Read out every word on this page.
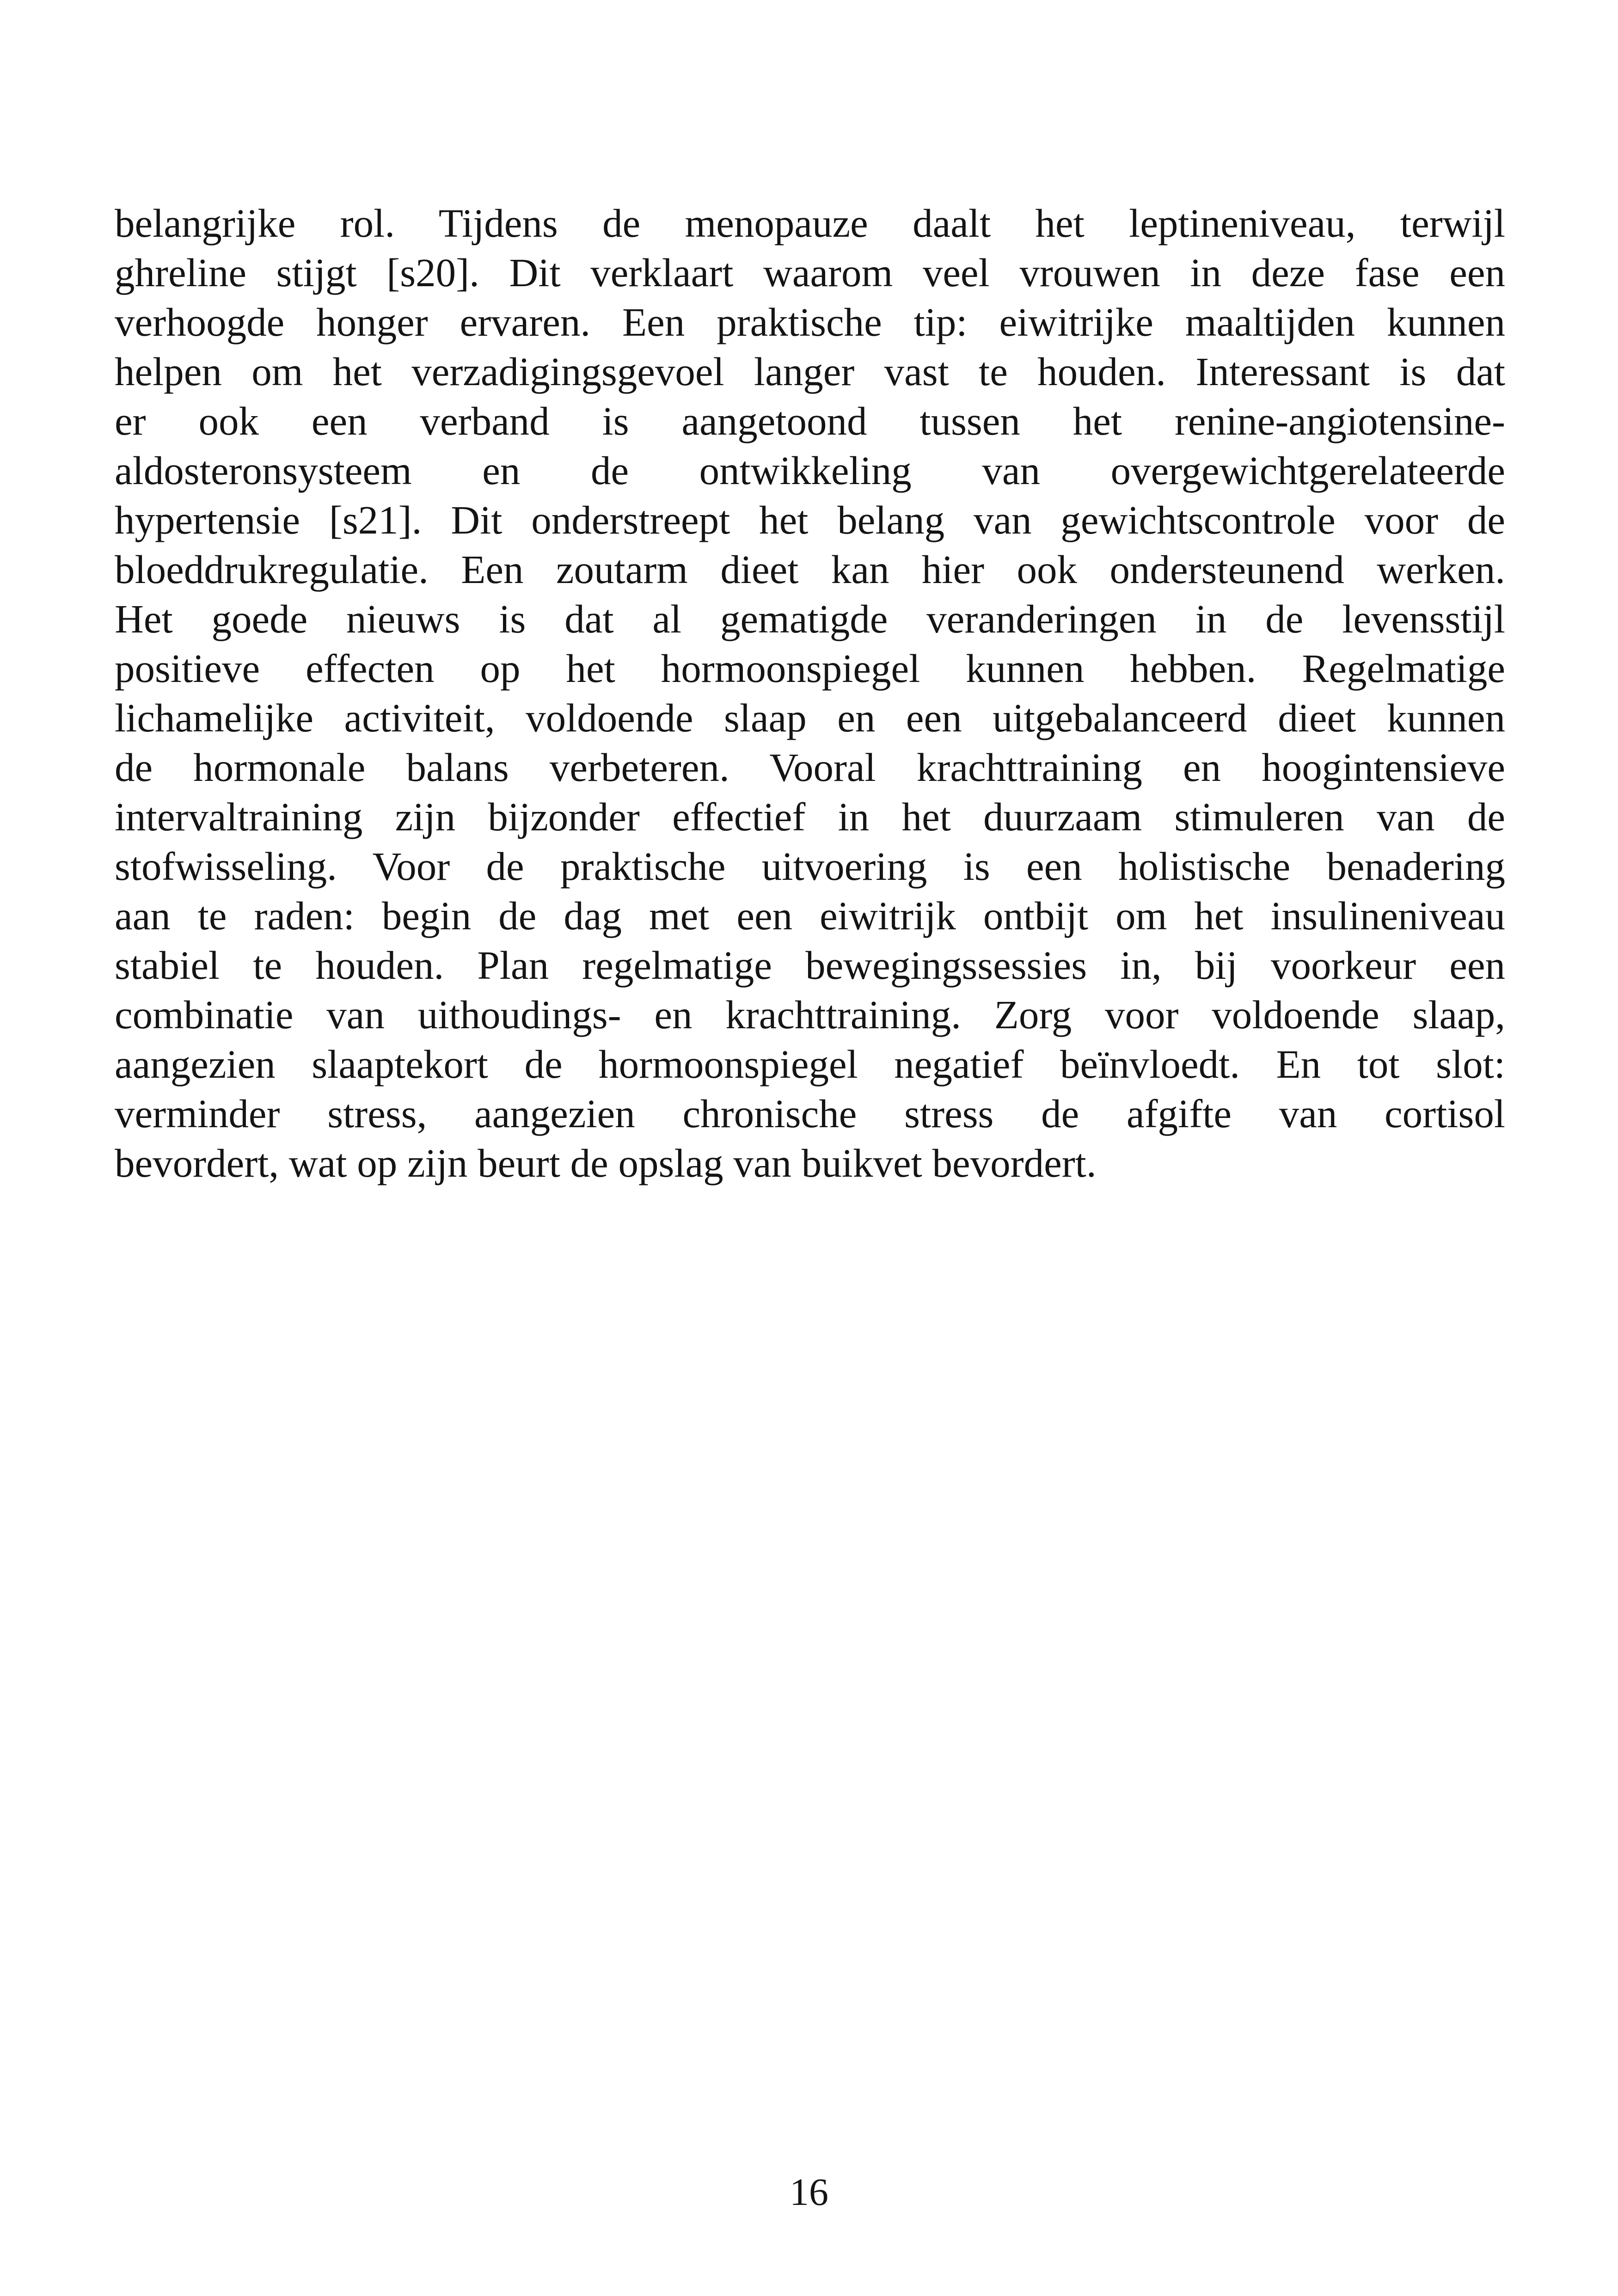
belangrijke rol. Tijdens de menopauze daalt het leptineniveau, terwijl
ghreline stijgt [s20]. Dit verklaart waarom veel vrouwen in deze fase een
verhoogde honger ervaren. Een praktische tip: eiwitrijke maaltijden kunnen
helpen om het verzadigingsgevoel langer vast te houden. Interessant is dat
er ook een verband is aangetoond tussen het renine-angiotensine-
aldosteronsysteem en de ontwikkeling van overgewichtgerelateerde
hypertensie [s21]. Dit onderstreept het belang van gewichtscontrole voor de
bloeddrukregulatie. Een zoutarm dieet kan hier ook ondersteunend werken.
Het goede nieuws is dat al gematigde veranderingen in de levensstijl
positieve effecten op het hormoonspiegel kunnen hebben. Regelmatige
lichamelijke activiteit, voldoende slaap en een uitgebalanceerd dieet kunnen
de hormonale balans verbeteren. Vooral krachttraining en hoogintensieve
intervaltraining zijn bijzonder effectief in het duurzaam stimuleren van de
stofwisseling. Voor de praktische uitvoering is een holistische benadering
aan te raden: begin de dag met een eiwitrijk ontbijt om het insulineniveau
stabiel te houden. Plan regelmatige bewegingssessies in, bij voorkeur een
combinatie van uithoudings- en krachttraining. Zorg voor voldoende slaap,
aangezien slaaptekort de hormoonspiegel negatief beïnvloedt. En tot slot:
verminder stress, aangezien chronische stress de afgifte van cortisol
bevordert, wat op zijn beurt de opslag van buikvet bevordert.
16
